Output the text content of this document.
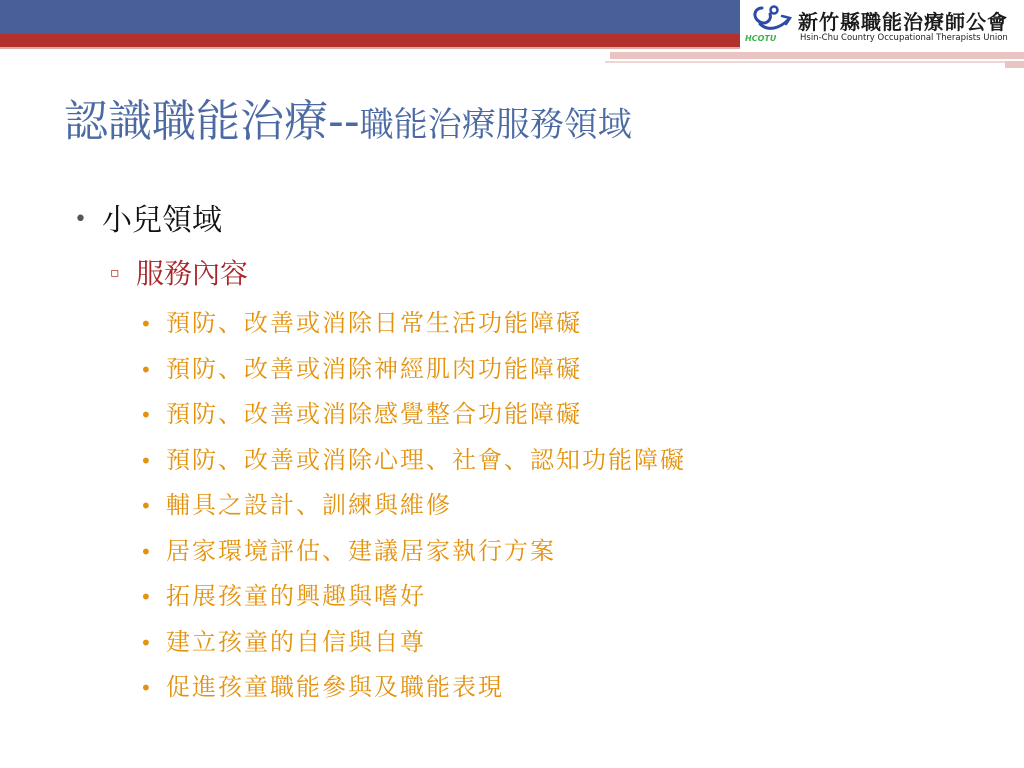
HCOTU
新竹縣職能治療師公會
Hsin-Chu Country Occupational Therapists Union
認識職能治療--職能治療服務領域
• 小兒領域
▫ 服務內容
• 預防、改善或消除日常生活功能障礙
• 預防、改善或消除神經肌肉功能障礙
• 預防、改善或消除感覺整合功能障礙
• 預防、改善或消除心理、社會、認知功能障礙
• 輔具之設計、訓練與維修
• 居家環境評估、建議居家執行方案
• 拓展孩童的興趣與嗜好
• 建立孩童的自信與自尊
• 促進孩童職能參與及職能表現
